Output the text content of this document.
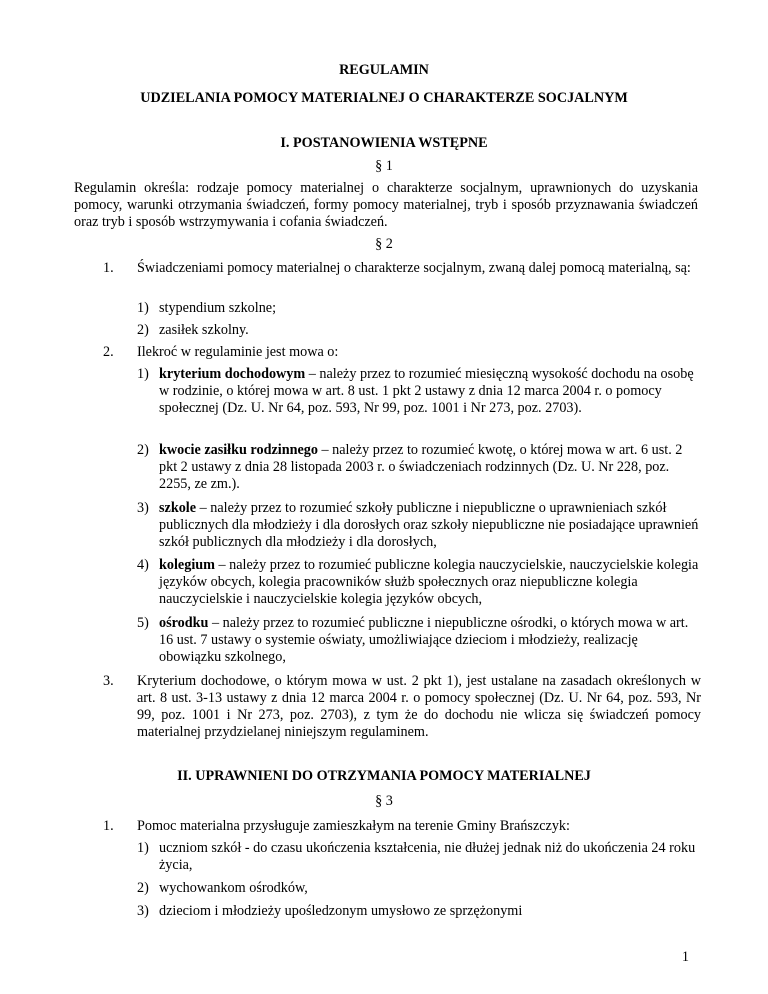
REGULAMIN
UDZIELANIA POMOCY MATERIALNEJ O CHARAKTERZE SOCJALNYM
I. POSTANOWIENIA WSTĘPNE
§ 1
Regulamin określa: rodzaje pomocy materialnej o charakterze socjalnym, uprawnionych do uzyskania pomocy, warunki otrzymania świadczeń, formy pomocy materialnej, tryb i sposób przyznawania świadczeń oraz tryb i sposób wstrzymywania i cofania świadczeń.
§ 2
1. Świadczeniami pomocy materialnej o charakterze socjalnym, zwaną dalej pomocą materialną, są:
1) stypendium szkolne;
2) zasiłek szkolny.
2. Ilekroć w regulaminie jest mowa o:
1) kryterium dochodowym – należy przez to rozumieć miesięczną wysokość dochodu na osobę w rodzinie, o której mowa w art. 8 ust. 1 pkt 2 ustawy z dnia 12 marca 2004 r. o pomocy społecznej (Dz. U. Nr 64, poz. 593, Nr 99, poz. 1001 i Nr 273, poz. 2703).
2) kwocie zasiłku rodzinnego – należy przez to rozumieć kwotę, o której mowa w art. 6 ust. 2 pkt 2 ustawy z dnia 28 listopada 2003 r. o świadczeniach rodzinnych (Dz. U. Nr 228, poz. 2255, ze zm.).
3) szkole – należy przez to rozumieć szkoły publiczne i niepubliczne o uprawnieniach szkół publicznych dla młodzieży i dla dorosłych oraz szkoły niepubliczne nie posiadające uprawnień szkół publicznych dla młodzieży i dla dorosłych,
4) kolegium – należy przez to rozumieć publiczne kolegia nauczycielskie, nauczycielskie kolegia języków obcych, kolegia pracowników służb społecznych oraz niepubliczne kolegia nauczycielskie i nauczycielskie kolegia języków obcych,
5) ośrodku – należy przez to rozumieć publiczne i niepubliczne ośrodki, o których mowa w art. 16 ust. 7 ustawy o systemie oświaty, umożliwiające dzieciom i młodzieży, realizację obowiązku szkolnego,
3. Kryterium dochodowe, o którym mowa w ust. 2 pkt 1), jest ustalane na zasadach określonych w art. 8 ust. 3-13 ustawy z dnia 12 marca 2004 r. o pomocy społecznej (Dz. U. Nr 64, poz. 593, Nr 99, poz. 1001 i Nr 273, poz. 2703), z tym że do dochodu nie wlicza się świadczeń pomocy materialnej przydzielanej niniejszym regulaminem.
II. UPRAWNIENI DO OTRZYMANIA POMOCY MATERIALNEJ
§ 3
1. Pomoc materialna przysługuje zamieszkałym na terenie Gminy Brańszczyk:
1) uczniom szkół - do czasu ukończenia kształcenia, nie dłużej jednak niż do ukończenia 24 roku życia,
2) wychowankom ośrodków,
3) dzieciom i młodzieży upośledzonym umysłowo ze sprzężonymi
1
